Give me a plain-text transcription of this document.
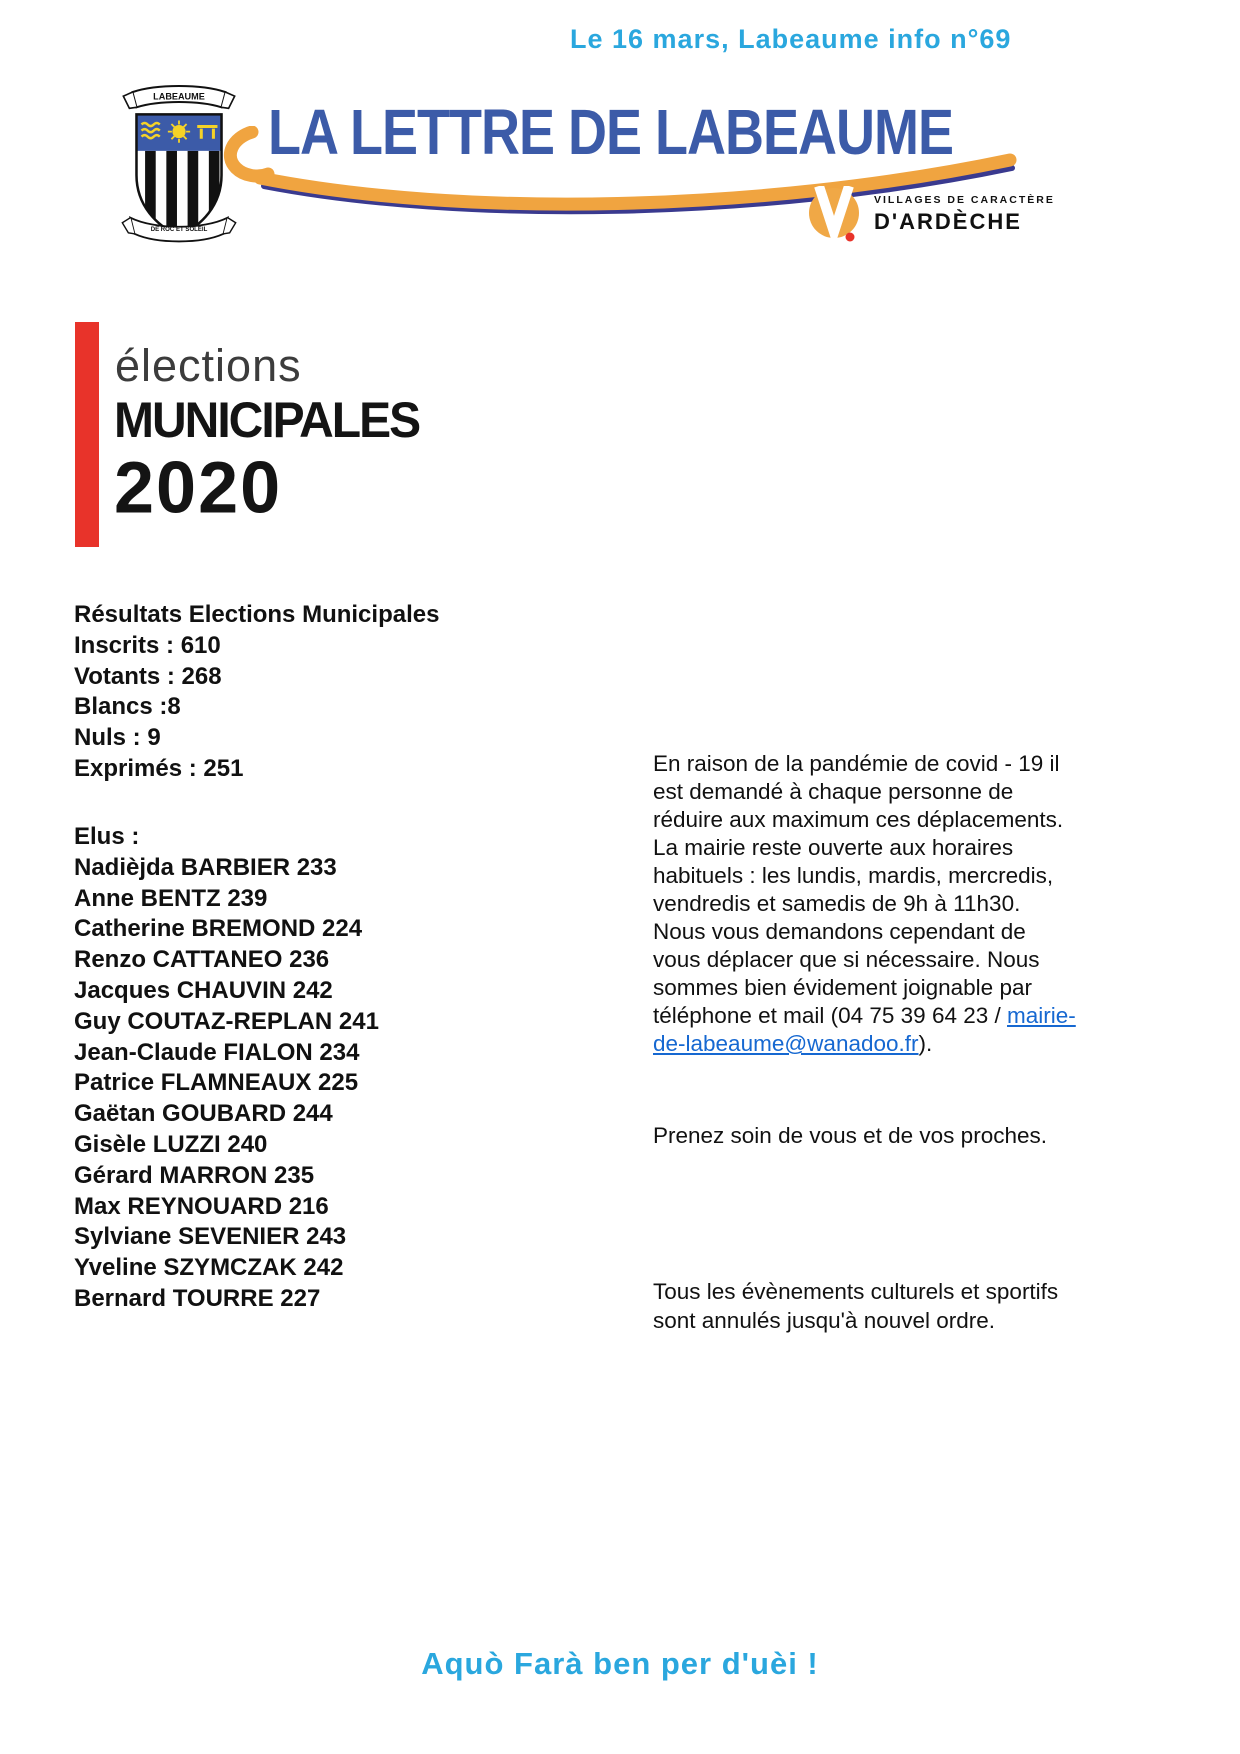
Le 16 mars, Labeaume info n°69
LABEAUME
DE ROC ET SOLEIL
LA LETTRE DE LABEAUME
VILLAGES DE CARACTÈRE
D'ARDÈCHE
élections
MUNICIPALES
2020
Résultats Elections Municipales
Inscrits : 610
Votants : 268
Blancs :8
Nuls : 9
Exprimés : 251
Elus :
Nadièjda BARBIER 233
Anne BENTZ 239
Catherine BREMOND 224
Renzo CATTANEO 236
Jacques CHAUVIN 242
Guy COUTAZ-REPLAN 241
Jean-Claude FIALON 234
Patrice FLAMNEAUX 225
Gaëtan GOUBARD 244
Gisèle LUZZI 240
Gérard MARRON 235
Max REYNOUARD 216
Sylviane SEVENIER 243
Yveline SZYMCZAK 242
Bernard TOURRE 227
En raison de la pandémie de covid - 19 il
est demandé à chaque personne de
réduire aux maximum ces déplacements.
La mairie reste ouverte aux horaires
habituels : les lundis, mardis, mercredis,
vendredis et samedis de 9h à 11h30.
Nous vous demandons cependant de
vous déplacer que si nécessaire. Nous
sommes bien évidement joignable par
téléphone et mail (04 75 39 64 23 / mairie-
de-labeaume@wanadoo.fr).
Prenez soin de vous et de vos proches.
Tous les évènements culturels et sportifs sont annulés jusqu'à nouvel ordre.
Aquò Farà ben per d'uèi !
